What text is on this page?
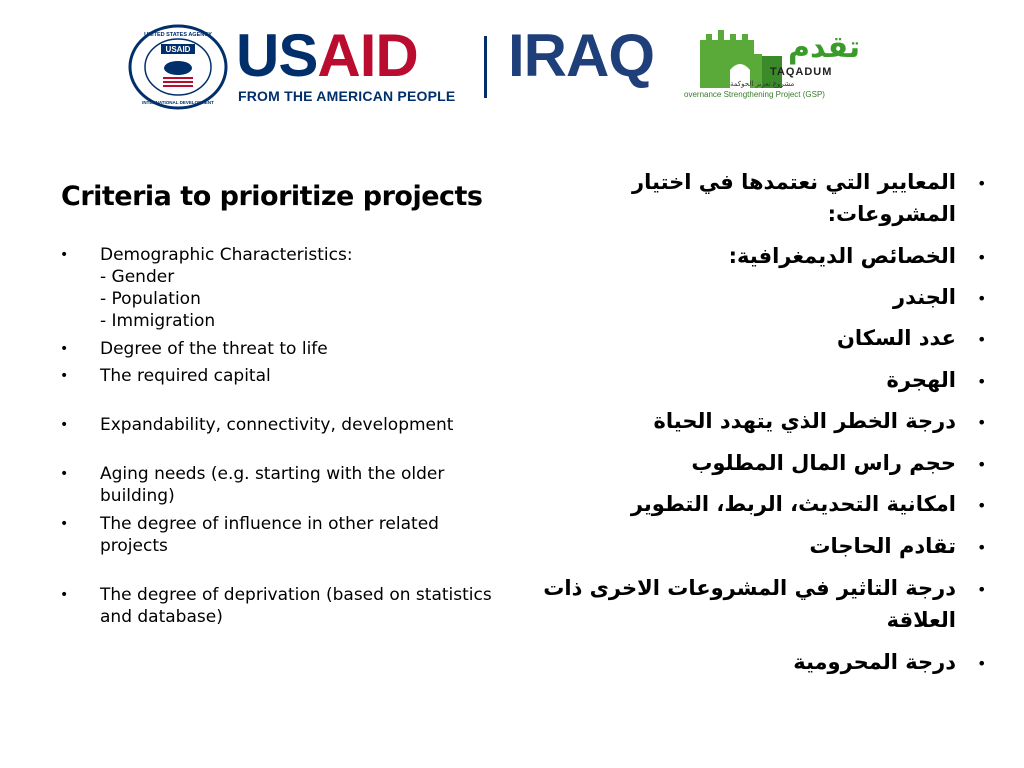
USAID
UNITED STATES AGENCY
INTERNATIONAL DEVELOPMENT
USAID
FROM THE AMERICAN PEOPLE
IRAQ	تقدم
TAQADUM
مشروع تعزيز الحوكمة
overnance Strengthening Project (GSP)
Criteria to prioritize projects
• Demographic Characteristics:
- Gender
- Population
- Immigration
• Degree of the threat to life
• The required capital
• Expandability, connectivity, development
• Aging needs (e.g. starting with the older
building)
• The degree of influence in other related
projects
• The degree of deprivation (based on statistics
and database)
•
المعايير التي نعتمدها في اختيار
المشروعات:
•
الخصائص الديمغرافية:
•
الجندر
•
عدد السكان
•
الهجرة
•
درجة الخطر الذي يتهدد الحياة
•
حجم راس المال المطلوب
•
امكانية التحديث، الربط، التطوير
•
تقادم الحاجات
•
درجة التاثير في المشروعات الاخرى ذات
العلاقة
•
درجة المحرومية
